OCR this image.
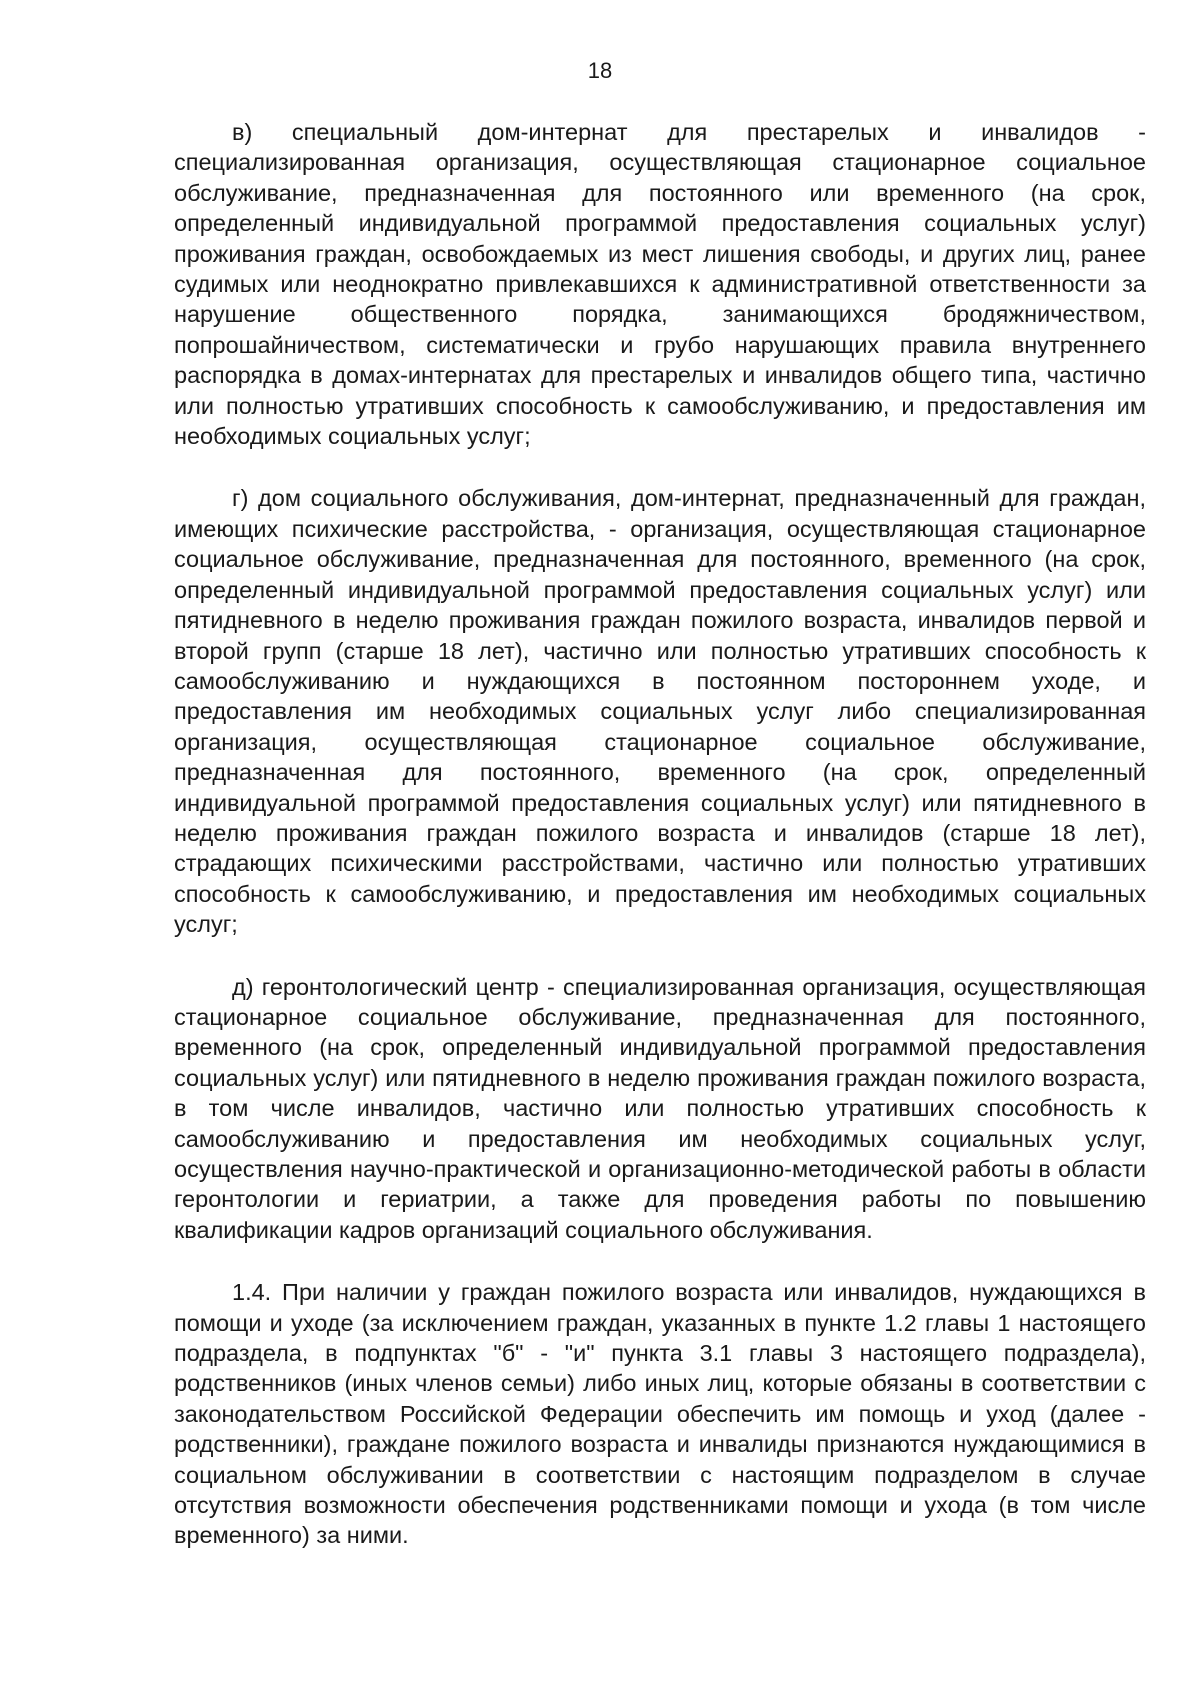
18

в) специальный дом-интернат для престарелых и инвалидов - специализированная организация, осуществляющая стационарное социальное обслуживание, предназначенная для постоянного или временного (на срок, определенный индивидуальной программой предоставления социальных услуг) проживания граждан, освобождаемых из мест лишения свободы, и других лиц, ранее судимых или неоднократно привлекавшихся к административной ответственности за нарушение общественного порядка, занимающихся бродяжничеством, попрошайничеством, систематически и грубо нарушающих правила внутреннего распорядка в домах-интернатах для престарелых и инвалидов общего типа, частично или полностью утративших способность к самообслуживанию, и предоставления им необходимых социальных услуг;

г) дом социального обслуживания, дом-интернат, предназначенный для граждан, имеющих психические расстройства, - организация, осуществляющая стационарное социальное обслуживание, предназначенная для постоянного, временного (на срок, определенный индивидуальной программой предоставления социальных услуг) или пятидневного в неделю проживания граждан пожилого возраста, инвалидов первой и второй групп (старше 18 лет), частично или полностью утративших способность к самообслуживанию и нуждающихся в постоянном постороннем уходе, и предоставления им необходимых социальных услуг либо специализированная организация, осуществляющая стационарное социальное обслуживание, предназначенная для постоянного, временного (на срок, определенный индивидуальной программой предоставления социальных услуг) или пятидневного в неделю проживания граждан пожилого возраста и инвалидов (старше 18 лет), страдающих психическими расстройствами, частично или полностью утративших способность к самообслуживанию, и предоставления им необходимых социальных услуг;

д) геронтологический центр - специализированная организация, осуществляющая стационарное социальное обслуживание, предназначенная для постоянного, временного (на срок, определенный индивидуальной программой предоставления социальных услуг) или пятидневного в неделю проживания граждан пожилого возраста, в том числе инвалидов, частично или полностью утративших способность к самообслуживанию и предоставления им необходимых социальных услуг, осуществления научно-практической и организационно-методической работы в области геронтологии и гериатрии, а также для проведения работы по повышению квалификации кадров организаций социального обслуживания.

1.4. При наличии у граждан пожилого возраста или инвалидов, нуждающихся в помощи и уходе (за исключением граждан, указанных в пункте 1.2 главы 1 настоящего подраздела, в подпунктах "б" - "и" пункта 3.1 главы 3 настоящего подраздела), родственников (иных членов семьи) либо иных лиц, которые обязаны в соответствии с законодательством Российской Федерации обеспечить им помощь и уход (далее - родственники), граждане пожилого возраста и инвалиды признаются нуждающимися в социальном обслуживании в соответствии с настоящим подразделом в случае отсутствия возможности обеспечения родственниками помощи и ухода (в том числе временного) за ними.
